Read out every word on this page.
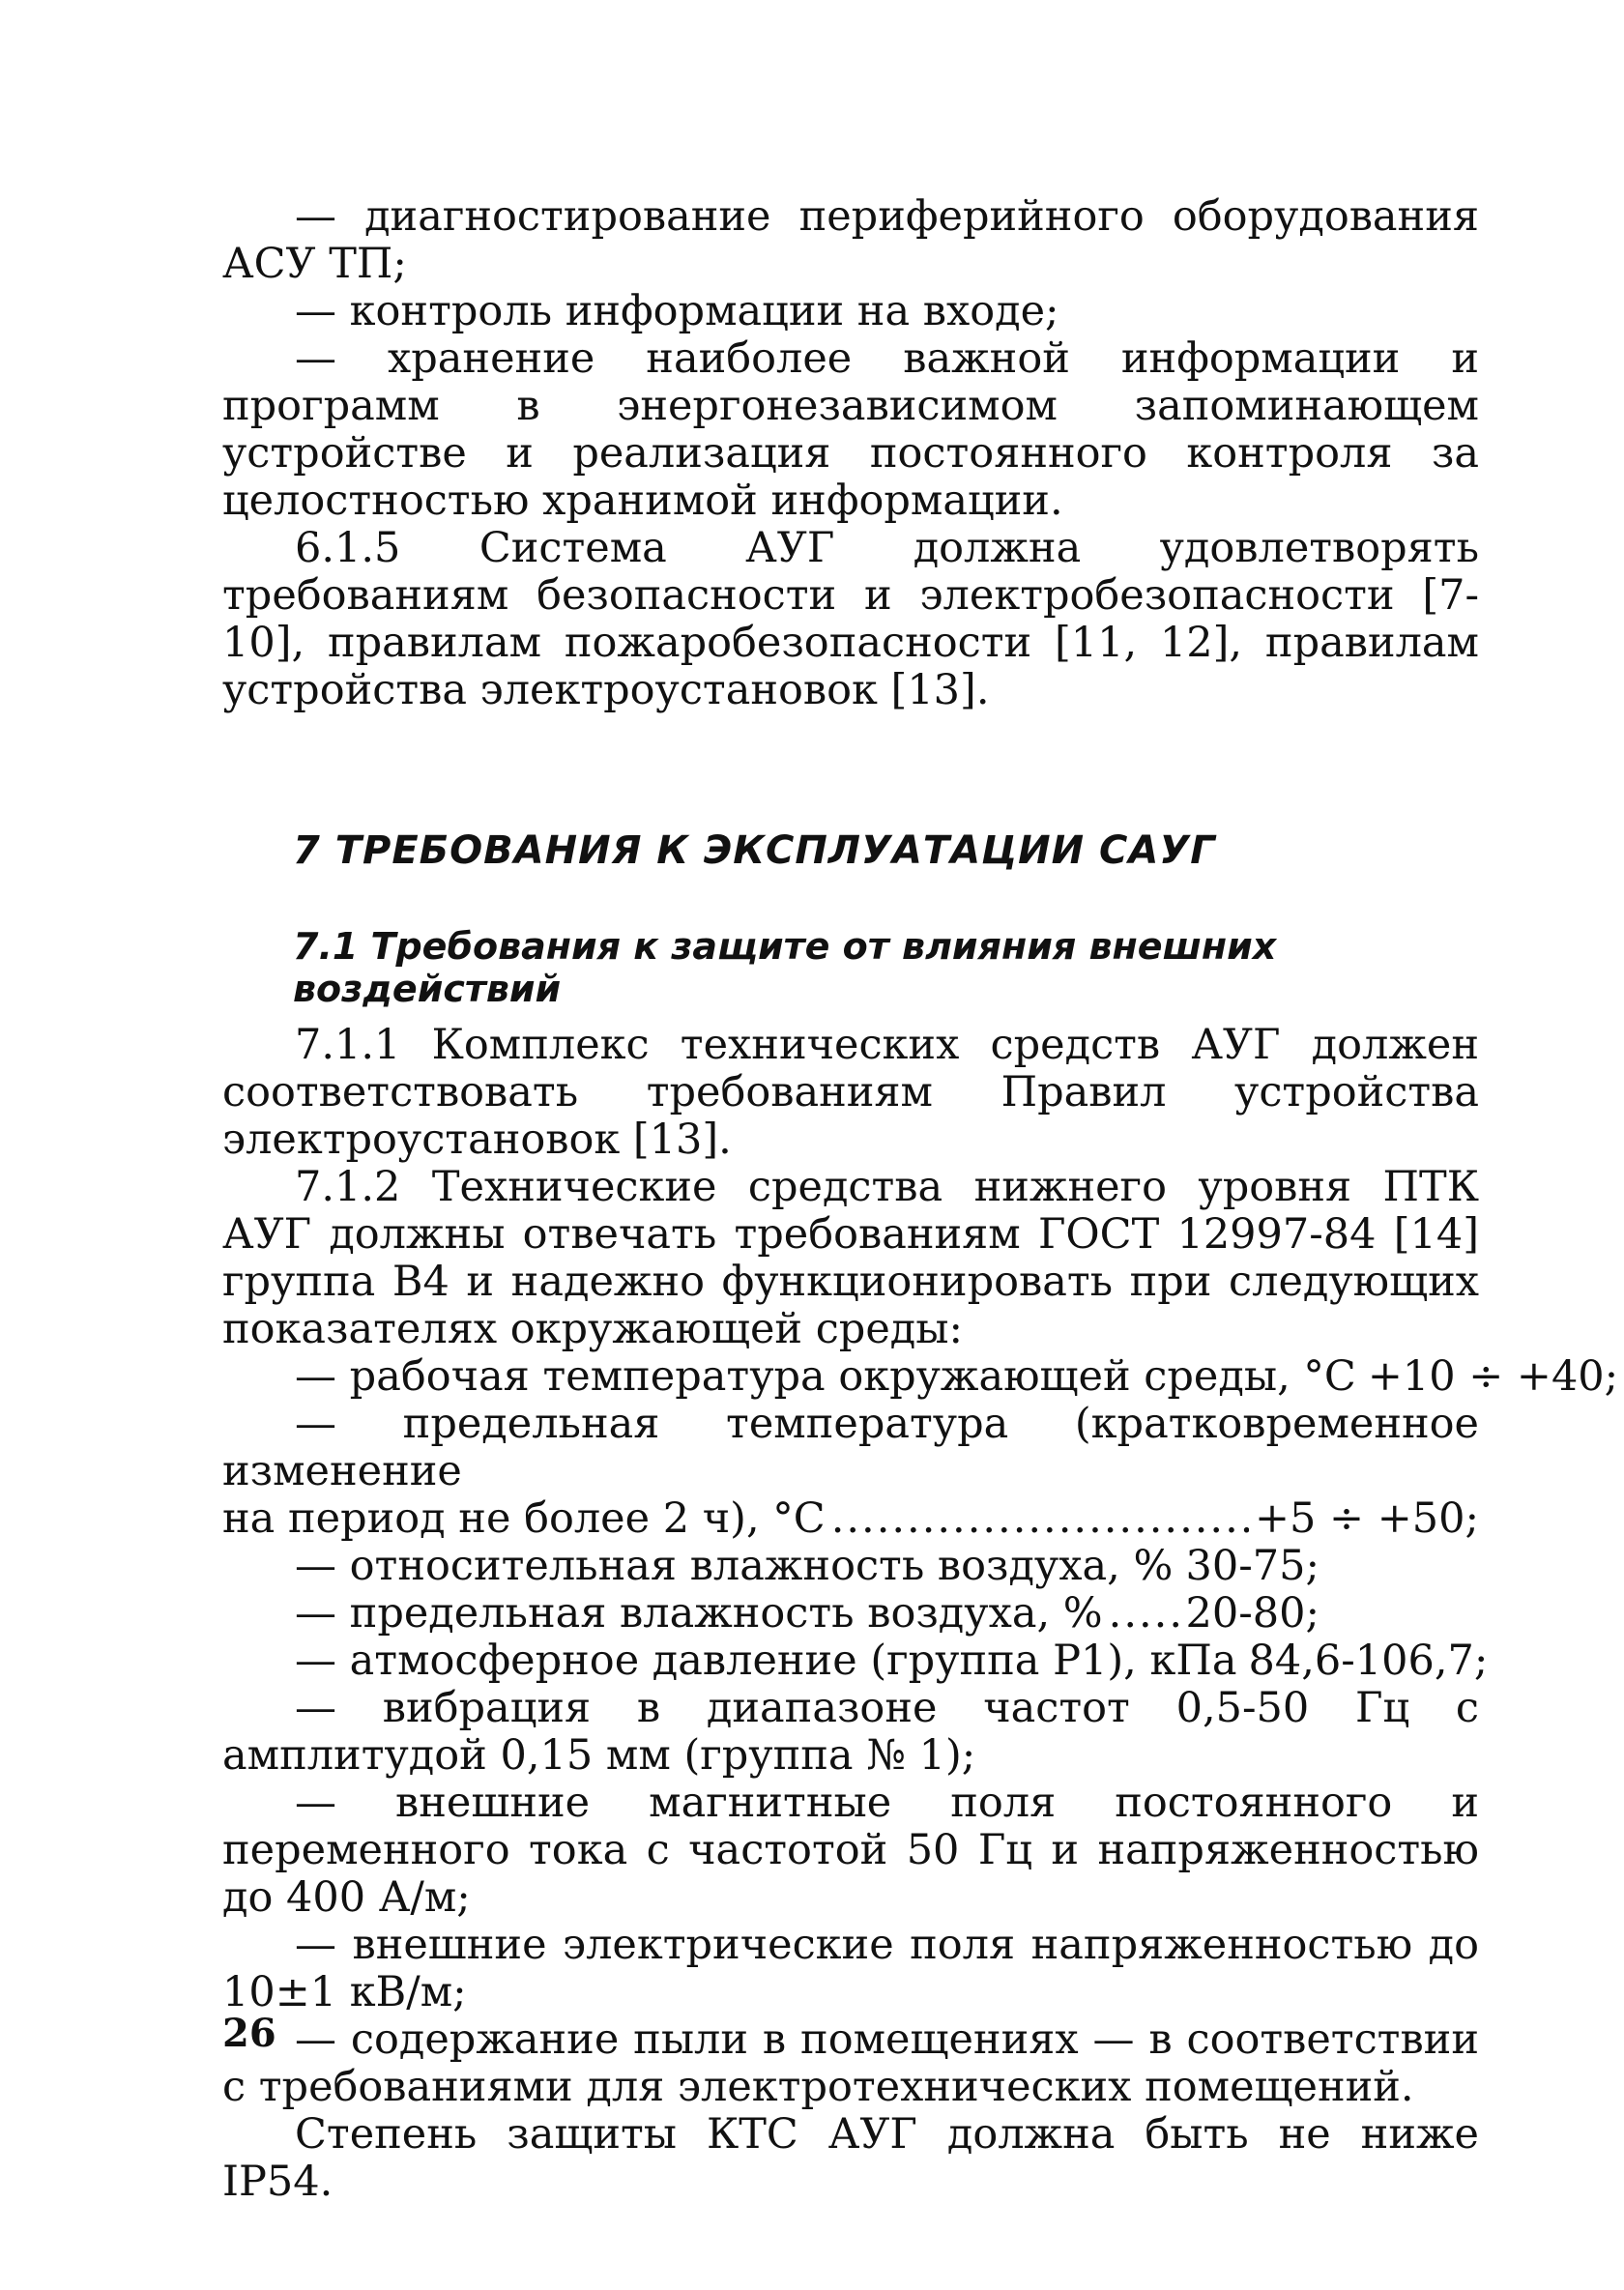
— диагностирование периферийного оборудования АСУ ТП;

— контроль информации на входе;

— хранение наиболее важной информации и программ в энергонезависимом запоминающем устройстве и реализация постоянного контроля за целостностью хранимой информации.

6.1.5 Система АУГ должна удовлетворять требованиям безопасности и электробезопасности [7-10], правилам пожаробезопасности [11, 12], правилам устройства электроустановок [13].

7 ТРЕБОВАНИЯ К ЭКСПЛУАТАЦИИ САУГ
7.1 Требования к защите от влияния внешних воздействий

7.1.1 Комплекс технических средств АУГ должен соответствовать требованиям Правил устройства электроустановок [13].

7.1.2 Технические средства нижнего уровня ПТК АУГ должны отвечать требованиям ГОСТ 12997-84 [14] группа В4 и надежно функционировать при следующих показателях окружающей среды:

— рабочая температура окружающей среды, °С +10 ÷ +40;

— предельная температура (кратковременное изменение

на период не более 2 ч), °С .....	+5 ÷ +50;
— относительная влажность воздуха, % ..... 30-75;
— предельная влажность воздуха, % ..... 20-80;
— атмосферное давление (группа Р1), кПа 84,6-106,7;

— вибрация в диапазоне частот 0,5-50 Гц с амплитудой 0,15 мм (группа № 1);

— внешние магнитные поля постоянного и переменного тока с частотой 50 Гц и напряженностью до 400 А/м;

— внешние электрические поля напряженностью до 10±1 кВ/м;

— содержание пыли в помещениях — в соответствии с требованиями для электротехнических помещений.

Степень защиты КТС АУГ должна быть не ниже IP54.

26
